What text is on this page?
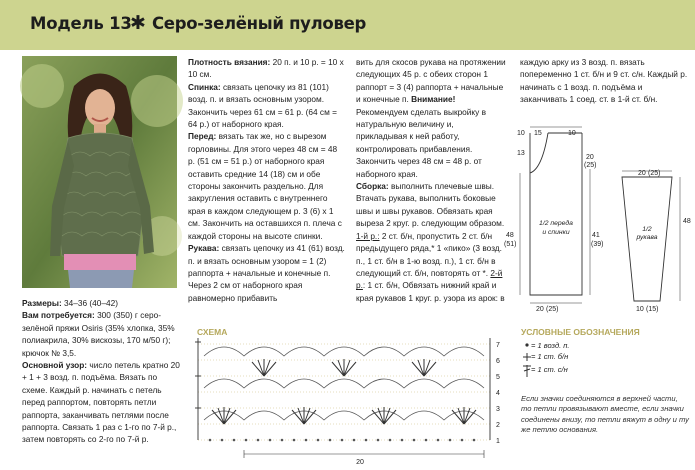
Модель 13
✱ Серо-зелёный пуловер
Размеры: 34–36 (40–42)
Вам потребуется: 300 (350) г серо-зелёной пряжи Osiris (35% хлопка, 35% полиакрила, 30% вискозы, 170 м/50 г); крючок № 3,5.
Основной узор: число петель кратно 20 + 1 + 3 возд. п. подъёма. Вязать по схеме. Каждый р. начинать с петель перед раппортом, повторять петли раппорта, заканчивать петлями после раппорта. Связать 1 раз с 1-го по 7-й р., затем повторять со 2-го по 7-й р.
Плотность вязания: 20 п. и 10 р. = 10 х 10 см.
Спинка: связать цепочку из 81 (101) возд. п. и вязать основным узором. Закончить через 61 см = 61 р. (64 см = 64 р.) от наборного края.
Перед: вязать так же, но с вырезом горловины. Для этого через 48 см = 48 р. (51 см = 51 р.) от наборного края оставить средние 14 (18) см и обе стороны закончить раздельно. Для закругления оставить с внутреннего края в каждом следующем р. 3 (6) х 1 см. Закончить на оставшихся п. плеча с каждой стороны на высоте спинки.
Рукава: связать цепочку из 41 (61) возд. п. и вязать основным узором = 1 (2) раппорта + начальные и конечные п. Через 2 см от наборного края равномерно прибавить
вить для скосов рукава на протяжении следующих 45 р. с обеих сторон 1 раппорт = 3 (4) раппорта + начальные и конечные п. Внимание! Рекомендуем сделать выкройку в натуральную величину и, прикладывая к ней работу, контролировать прибавления. Закончить через 48 см = 48 р. от наборного края.
Сборка: выполнить плечевые швы. Втачать рукава, выполнить боковые швы и швы рукавов. Обвязать края выреза 2 круг. р. следующим образом. 1-й р.: 2 ст. б/н, пропустить 2 ст. б/н предыдущего ряда,* 1 «пико» (3 возд. п., 1 ст. б/н в 1-ю возд. п.), 1 ст. б/н в следующий ст. б/н, повторять от *. 2-й р.: 1 ст. б/н, Обвязать нижний край и края рукавов 1 круг. р. узора из арок: в
каждую арку из 3 возд. п. вязать попеременно 1 ст. б/н и 9 ст. с/н. Каждый р. начинать с 1 возд. п. подъёма и заканчивать 1 соед. ст. в 1-й ст. б/н.
10 15	10
13
20
(25)
1/2 переда
и спинки
48
(51)
41
(39)
20 (25)
20 (25)
1/2
рукава
48
10 (15)
СХЕМА
7
6
5
4
3
2
1
20
УСЛОВНЫЕ ОБОЗНАЧЕНИЯ
= 1 возд. п.
= 1 ст. б/н
= 1 ст. с/н
Если значки соединяются в верхней части, то петли провязывают вместе, если значки соединены внизу, то петли вяжут в одну и ту же петлю основания.
